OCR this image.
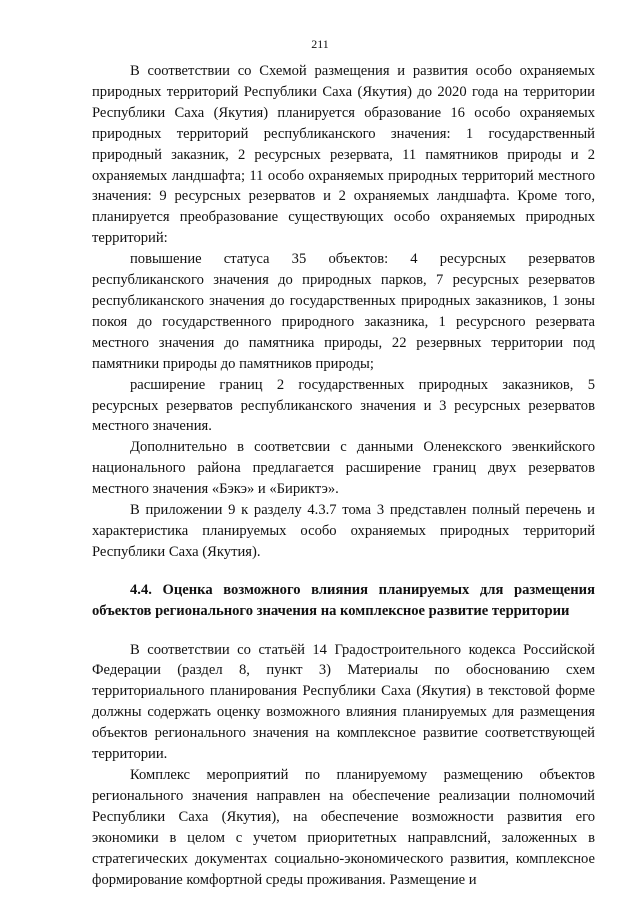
211

В соответствии со Схемой размещения и развития особо охраняемых природных территорий Республики Саха (Якутия) до 2020 года на территории Республики Саха (Якутия) планируется образование 16 особо охраняемых природных территорий республиканского значения: 1 государственный природный заказник, 2 ресурсных резервата, 11 памятников природы и 2 охраняемых ландшафта; 11 особо охраняемых природных территорий местного значения: 9 ресурсных резерватов и 2 охраняемых ландшафта. Кроме того, планируется преобразование существующих особо охраняемых природных территорий:

повышение статуса 35 объектов: 4 ресурсных резерватов республиканского значения до природных парков, 7 ресурсных резерватов республиканского значения до государственных природных заказников, 1 зоны покоя до государственного природного заказника, 1 ресурсного резервата местного значения до памятника природы, 22 резервных территории под памятники природы до памятников природы;

расширение границ 2 государственных природных заказников, 5 ресурсных резерватов республиканского значения и 3 ресурсных резерватов местного значения.

Дополнительно в соответсвии с данными Оленекского эвенкийского национального района предлагается расширение границ двух резерватов местного значения «Бэкэ» и «Бириктэ».

В приложении 9 к разделу 4.3.7 тома 3 представлен полный перечень и характеристика планируемых особо охраняемых природных территорий Республики Саха (Якутия).

4.4. Оценка возможного влияния планируемых для размещения объектов регионального значения на комплексное развитие территории

В соответствии со статьёй 14 Градостроительного кодекса Российской Федерации (раздел 8, пункт 3) Материалы по обоснованию схем территориального планирования Республики Саха (Якутия) в текстовой форме должны содержать оценку возможного влияния планируемых для размещения объектов регионального значения на комплексное развитие соответствующей территории.

Комплекс мероприятий по планируемому размещению объектов регионального значения направлен на обеспечение реализации полномочий Республики Саха (Якутия), на обеспечение возможности развития его экономики в целом с учетом приоритетных направлсний, заложенных в стратегических документах социально-экономического развития, комплексное формирование комфортной среды проживания. Размещение и
